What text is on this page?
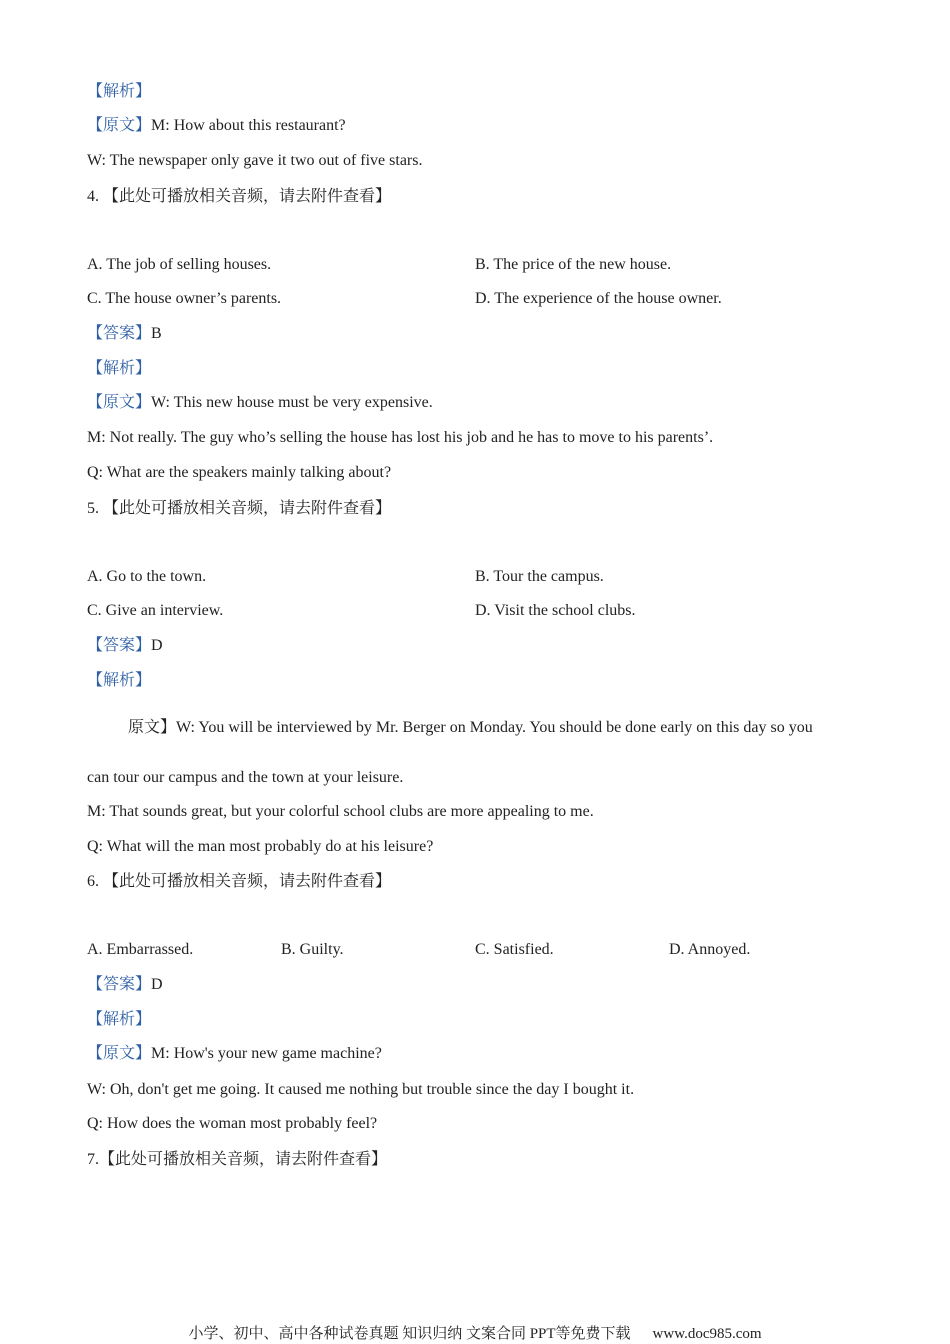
【解析】
【原文】M: How about this restaurant?
W: The newspaper only gave it two out of five stars.
4. 【此处可播放相关音频，请去附件查看】
A. The job of selling houses.	B. The price of the new house.
C. The house owner’s parents.	D. The experience of the house owner.
【答案】B
【解析】
【原文】W: This new house must be very expensive.
M: Not really. The guy who’s selling the house has lost his job and he has to move to his parents’.
Q: What are the speakers mainly talking about?
5. 【此处可播放相关音频，请去附件查看】
A. Go to the town.	B. Tour the campus.
C. Give an interview.	D. Visit the school clubs.
【答案】D
【解析】
原文】W: You will be interviewed by Mr. Berger on Monday. You should be done early on this day so you
can tour our campus and the town at your leisure.
M: That sounds great, but your colorful school clubs are more appealing to me.
Q: What will the man most probably do at his leisure?
6. 【此处可播放相关音频，请去附件查看】
A. Embarrassed.	B. Guilty.	C. Satisfied.	D. Annoyed.
【答案】D
【解析】
【原文】M: How's your new game machine?
W: Oh, don't get me going. It caused me nothing but trouble since the day I bought it.
Q: How does the woman most probably feel?
7.【此处可播放相关音频，请去附件查看】
小学、初中、高中各种试卷真题 知识归纳 文案合同 PPT等免费下载 www.doc985.com
